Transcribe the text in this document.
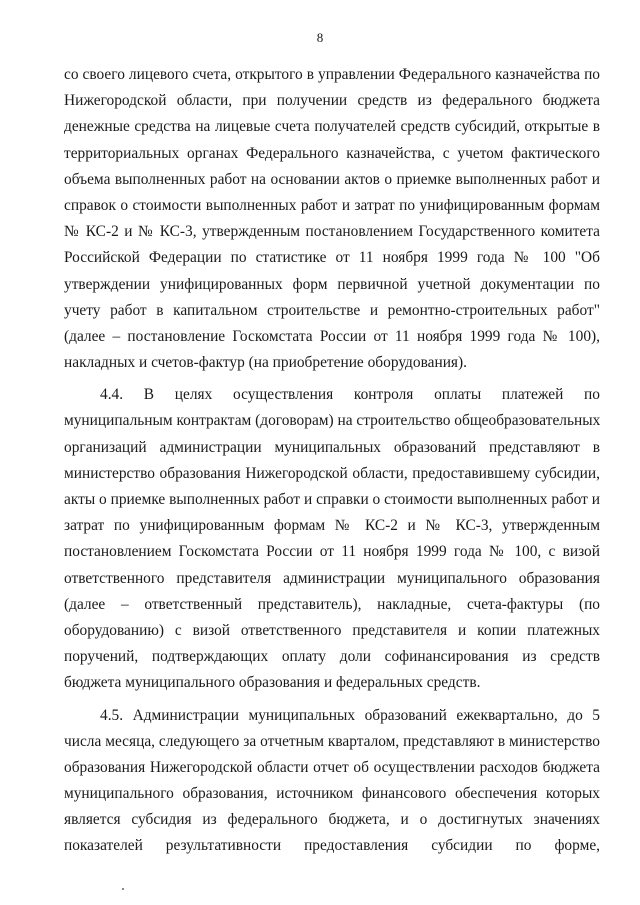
8
со своего лицевого счета, открытого в управлении Федерального казначейства по
Нижегородской области, при получении средств из федерального бюджета
денежные средства на лицевые счета получателей средств субсидий, открытые в
территориальных органах Федерального казначейства, с учетом фактического
объема выполненных работ на основании актов о приемке выполненных работ и
справок о стоимости выполненных работ и затрат по унифицированным формам
№ КС-2 и № КС-3, утвержденным постановлением Государственного комитета
Российской Федерации по статистике от 11 ноября 1999 года № 100 "Об
утверждении унифицированных форм первичной учетной документации по
учету работ в капитальном строительстве и ремонтно-строительных работ"
(далее – постановление Госкомстата России от 11 ноября 1999 года № 100),
накладных и счетов-фактур (на приобретение оборудования).
4.4. В целях осуществления контроля оплаты платежей по
муниципальным контрактам (договорам) на строительство общеобразовательных
организаций администрации муниципальных образований представляют в
министерство образования Нижегородской области, предоставившему субсидии,
акты о приемке выполненных работ и справки о стоимости выполненных работ и
затрат по унифицированным формам № КС-2 и № КС-3, утвержденным
постановлением Госкомстата России от 11 ноября 1999 года № 100, с визой
ответственного представителя администрации муниципального образования
(далее – ответственный представитель), накладные, счета-фактуры (по
оборудованию) с визой ответственного представителя и копии платежных
поручений, подтверждающих оплату доли софинансирования из средств
бюджета муниципального образования и федеральных средств.
4.5. Администрации муниципальных образований ежеквартально, до 5
числа месяца, следующего за отчетным кварталом, представляют в министерство
образования Нижегородской области отчет об осуществлении расходов бюджета
муниципального образования, источником финансового обеспечения которых
является субсидия из федерального бюджета, и о достигнутых значениях
показателей результативности предоставления субсидии по форме,
